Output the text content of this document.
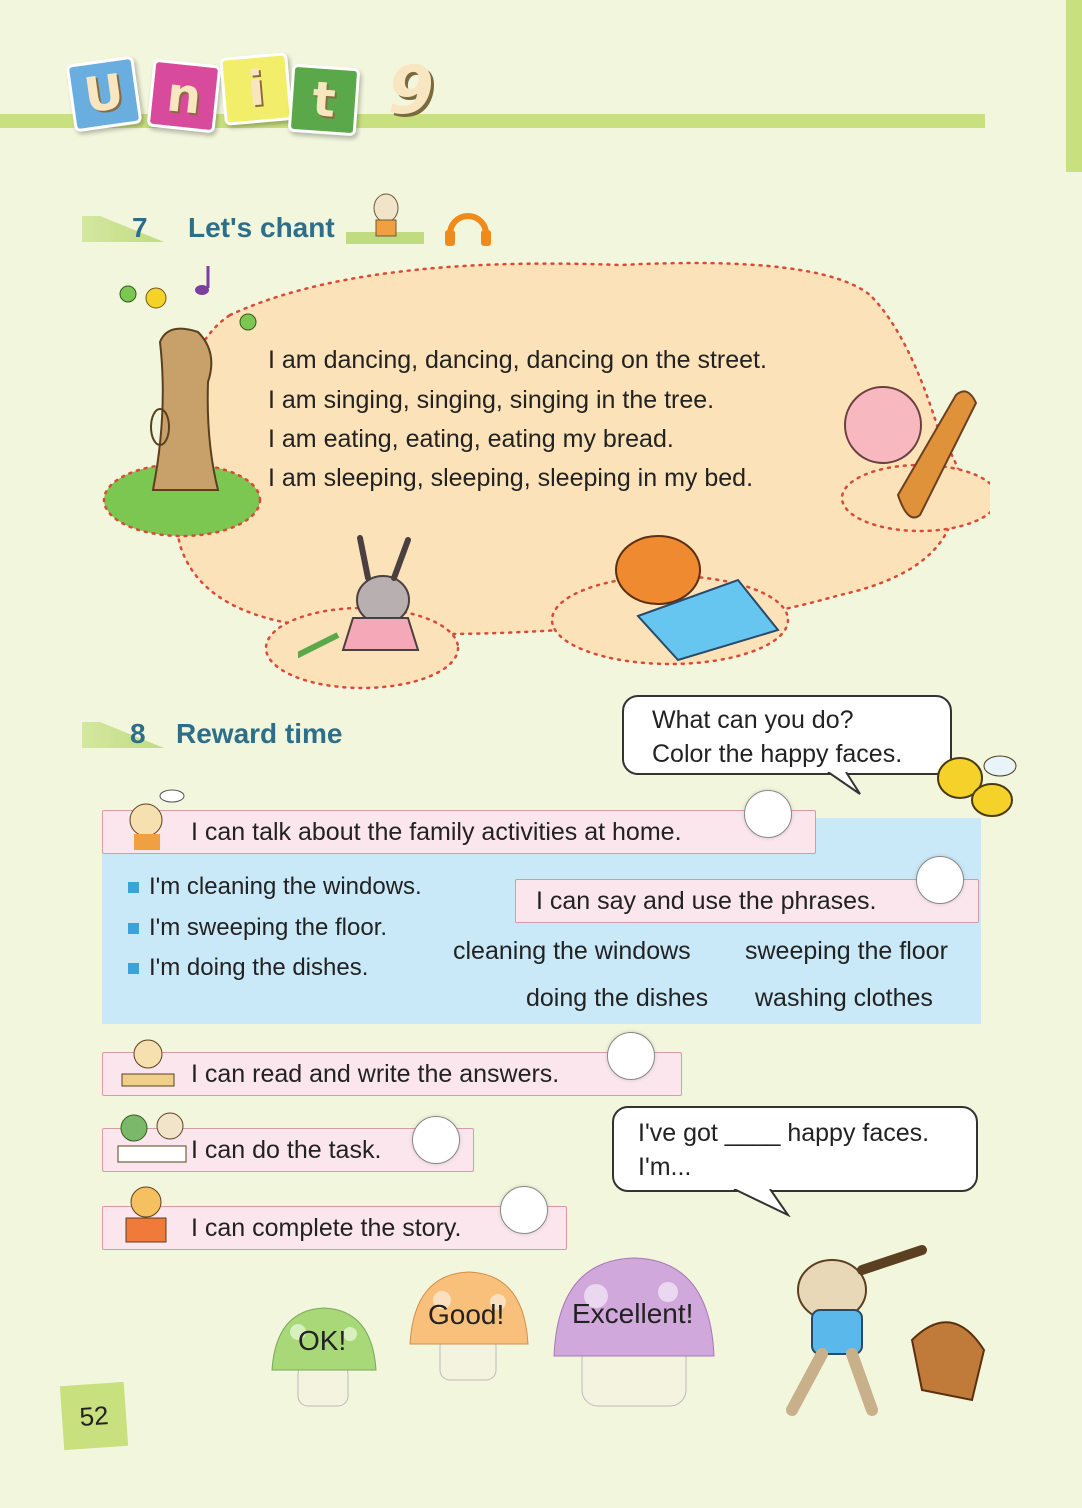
U n i t 9
7 Let's chant
I am dancing, dancing, dancing on the street.
I am singing, singing, singing in the tree.
I am eating, eating, eating my bread.
I am sleeping, sleeping, sleeping in my bed.
8 Reward time	What can you do?
Color the happy faces.
I can talk about the family activities at home.
I'm cleaning the windows.
I'm sweeping the floor.
I'm doing the dishes.
I can say and use the phrases.
cleaning the windows sweeping the floor
doing the dishes washing clothes
I can read and write the answers.
I can do the task.
I can complete the story.
I've got ____ happy faces.
I'm...
OK!
Good! Excellent!
52
